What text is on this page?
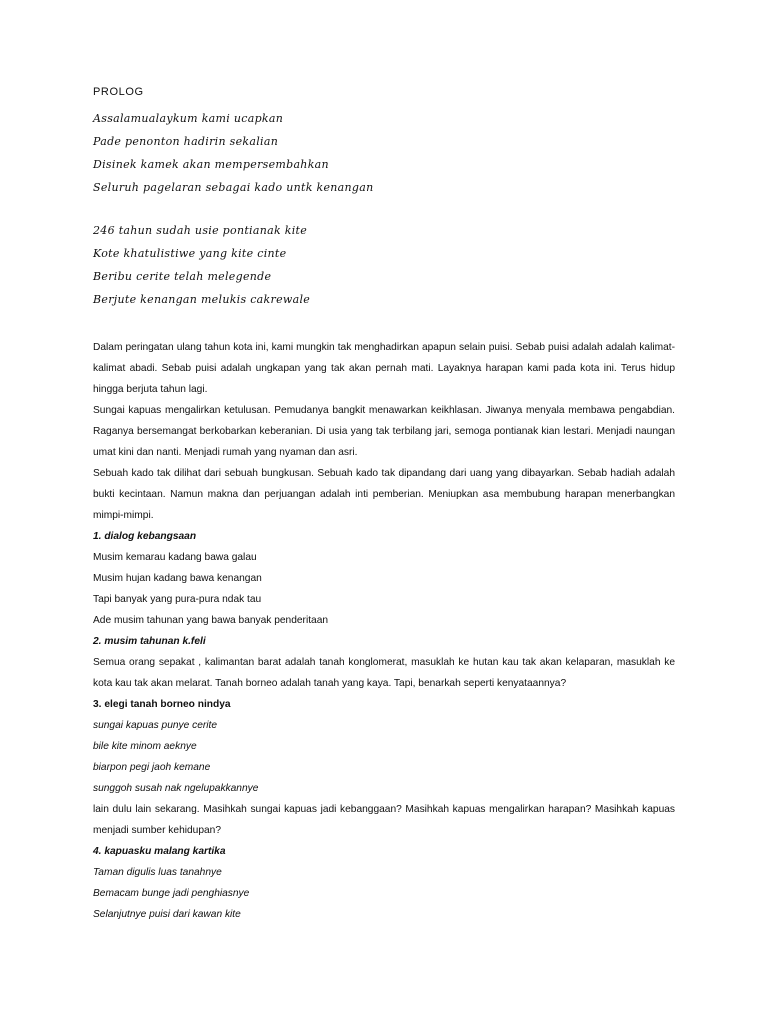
PROLOG
Assalamualaykum kami ucapkan
Pade penonton hadirin sekalian
Disinek kamek akan mempersembahkan
Seluruh pagelaran sebagai kado untk kenangan
246 tahun sudah usie pontianak kite
Kote khatulistiwe yang kite cinte
Beribu cerite telah melegende
Berjute kenangan melukis cakrewale
Dalam peringatan ulang tahun kota ini, kami mungkin tak menghadirkan apapun selain puisi. Sebab puisi adalah adalah kalimat-kalimat abadi. Sebab puisi adalah ungkapan yang tak akan pernah mati. Layaknya harapan kami pada kota ini. Terus hidup hingga berjuta tahun lagi.
Sungai kapuas mengalirkan ketulusan. Pemudanya bangkit menawarkan keikhlasan. Jiwanya menyala membawa pengabdian. Raganya bersemangat berkobarkan keberanian. Di usia yang tak terbilang jari, semoga pontianak kian lestari. Menjadi naungan umat kini dan nanti. Menjadi rumah yang nyaman dan asri.
Sebuah kado tak dilihat dari sebuah bungkusan. Sebuah kado tak dipandang dari uang yang dibayarkan. Sebab hadiah adalah bukti kecintaan. Namun makna dan perjuangan adalah inti pemberian. Meniupkan asa membubung harapan menerbangkan mimpi-mimpi.
1. dialog kebangsaan
Musim kemarau kadang bawa galau
Musim hujan kadang bawa kenangan
Tapi banyak yang pura-pura ndak tau
Ade musim tahunan yang bawa banyak penderitaan
2. musim tahunan k.feli
Semua orang sepakat , kalimantan barat adalah tanah konglomerat, masuklah ke hutan kau tak akan kelaparan, masuklah ke kota kau tak akan melarat. Tanah borneo adalah tanah yang kaya. Tapi, benarkah seperti kenyataannya?
3. elegi tanah borneo nindya
sungai kapuas punye cerite
bile kite minom aeknye
biarpon pegi jaoh kemane
sunggoh susah nak ngelupakkannye
lain dulu lain sekarang. Masihkah sungai kapuas jadi kebanggaan? Masihkah kapuas mengalirkan harapan? Masihkah kapuas menjadi sumber kehidupan?
4. kapuasku malang kartika
Taman digulis luas tanahnye
Bemacam bunge jadi penghiasnye
Selanjutnye puisi dari kawan kite
